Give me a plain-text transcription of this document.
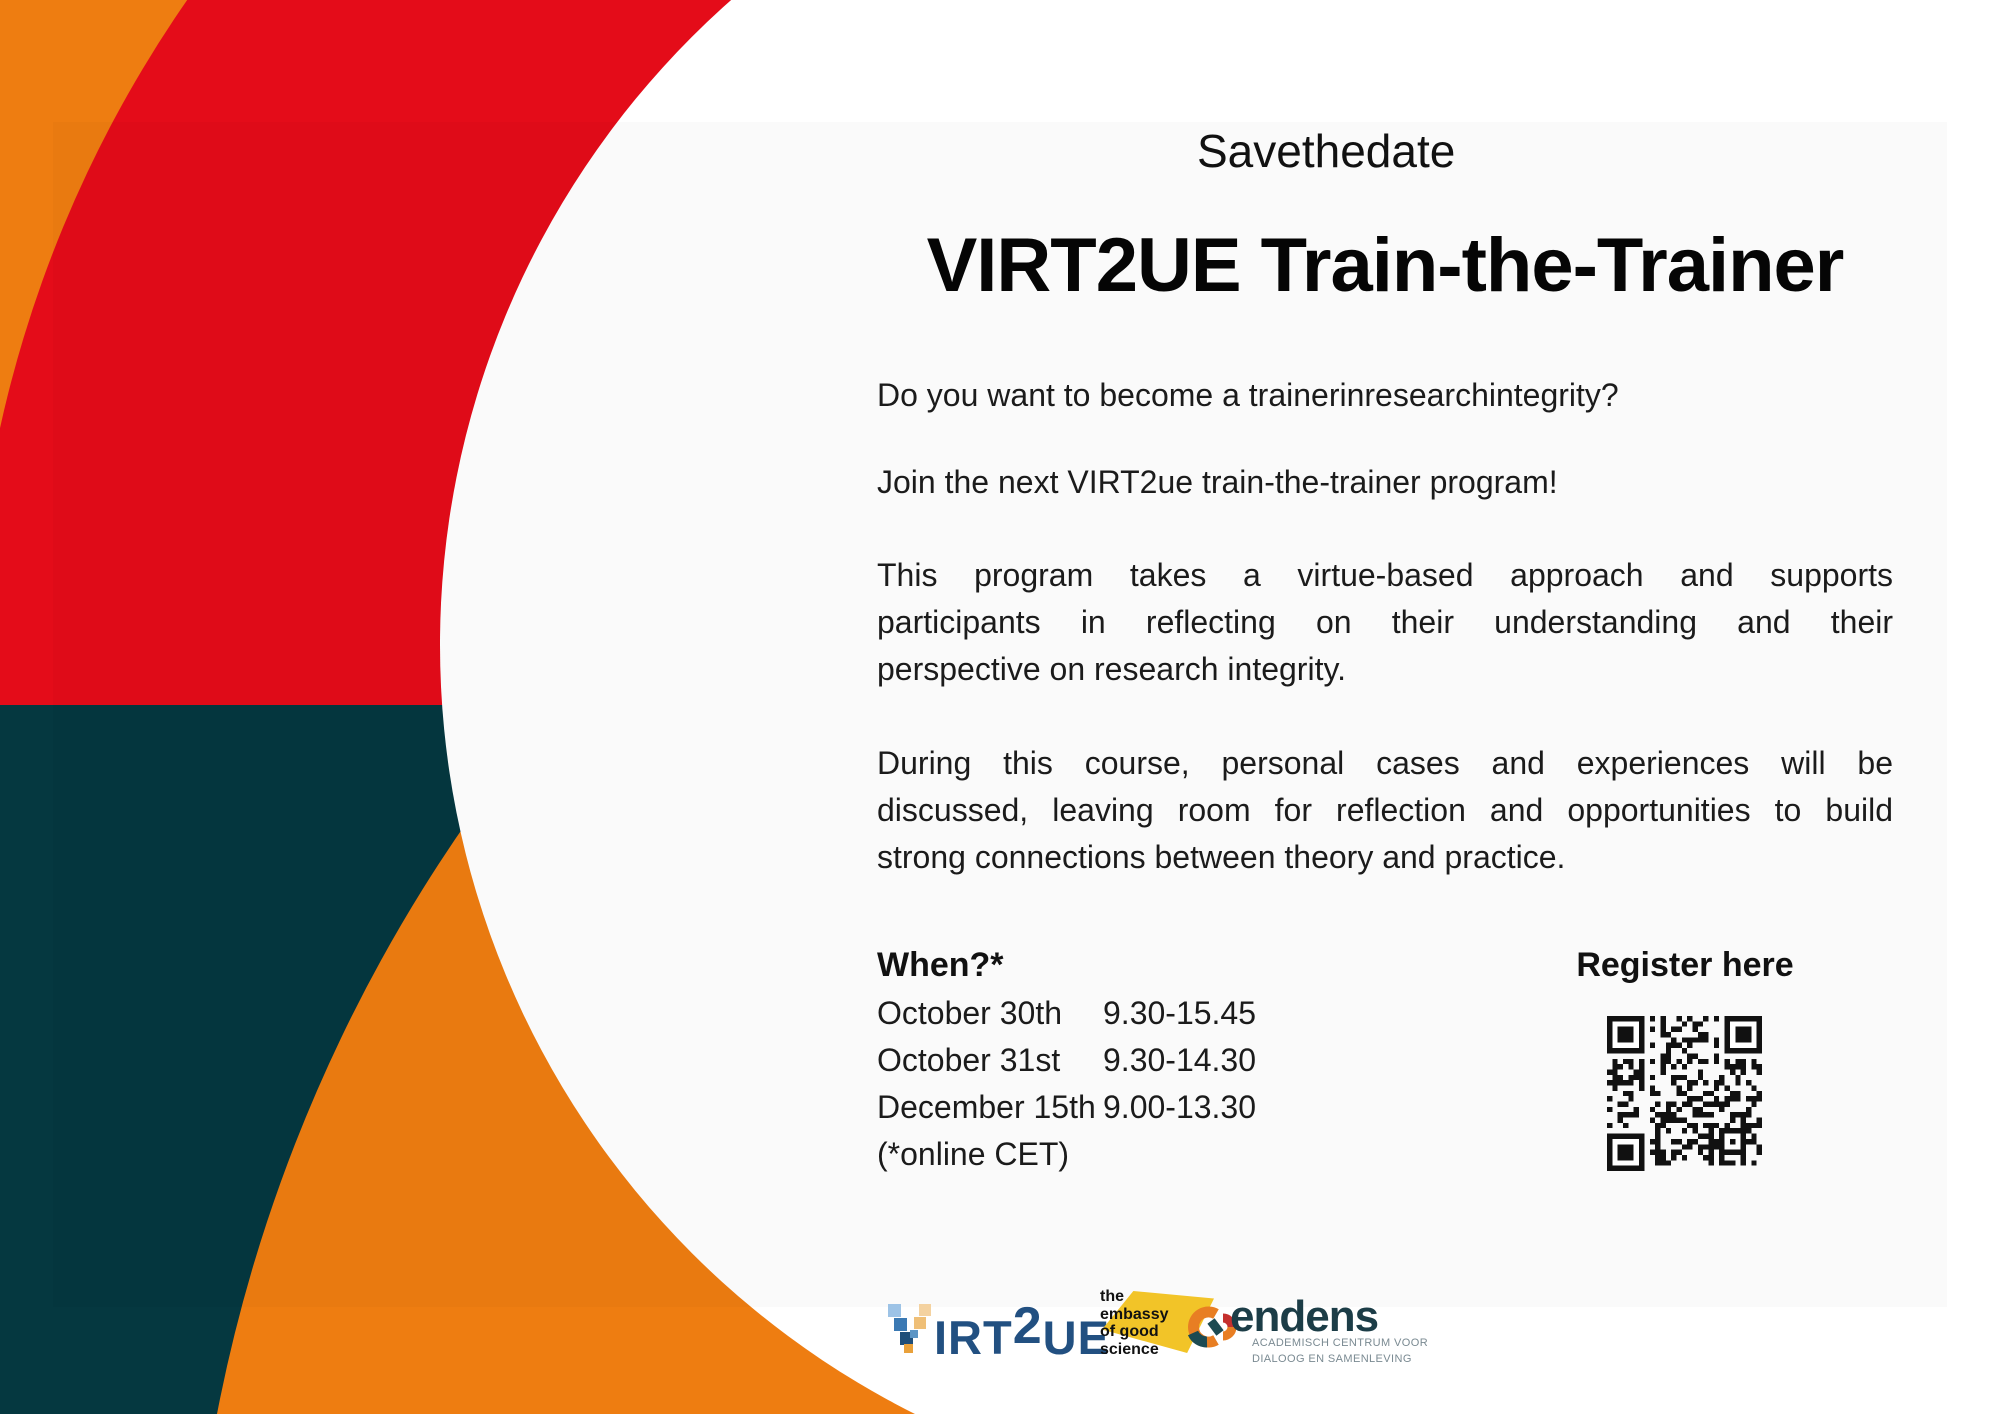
Savethedate
VIRT2UE Train-the-Trainer
Do you want to become a trainerinresearchintegrity?
Join the next VIRT2ue train-the-trainer program!
This program takes a virtue-based approach and supports
participants in reflecting on their understanding and their
perspective on research integrity.
During this course, personal cases and experiences will be
discussed, leaving room for reflection and opportunities to build
strong connections between theory and practice.
When?*
October 30th 9.30-15.45
October 31st 9.30-14.30
December 15th 9.00-13.30
(*online CET)
Register here
IRT2UE
the
embassy
of good
science
endens
ACADEMISCH CENTRUM VOOR
DIALOOG EN SAMENLEVING
